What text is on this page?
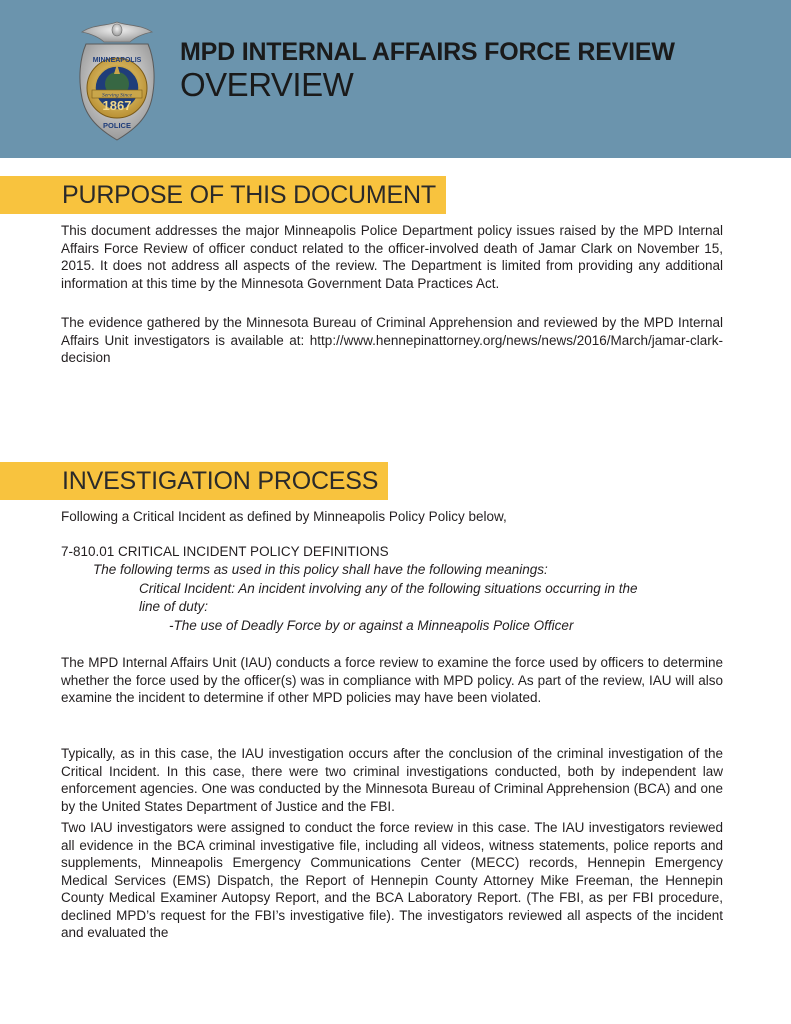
MINNEAPOLIS
Serving Since
1867
POLICE
MPD INTERNAL AFFAIRS FORCE REVIEW
OVERVIEW
PURPOSE OF THIS DOCUMENT

This document addresses the major Minneapolis Police Department policy issues raised by the MPD Internal Affairs Force Review of officer conduct related to the officer-involved death of Jamar Clark on November 15, 2015. It does not address all aspects of the review. The Department is limited from providing any additional information at this time by the Minnesota Government Data Practices Act.

The evidence gathered by the Minnesota Bureau of Criminal Apprehension and reviewed by the MPD Internal Affairs Unit investigators is available at: http://www.hennepinattorney.org/news/news/2016/March/jamar-clark-decision

INVESTIGATION PROCESS

Following a Critical Incident as defined by Minneapolis Policy Policy below,

7-810.01 CRITICAL INCIDENT POLICY DEFINITIONS

The following terms as used in this policy shall have the following meanings:

Critical Incident: An incident involving any of the following situations occurring in the

line of duty:

-The use of Deadly Force by or against a Minneapolis Police Officer

The MPD Internal Affairs Unit (IAU) conducts a force review to examine the force used by officers to determine whether the force used by the officer(s) was in compliance with MPD policy. As part of the review, IAU will also examine the incident to determine if other MPD policies may have been violated.

Typically, as in this case, the IAU investigation occurs after the conclusion of the criminal investigation of the Critical Incident. In this case, there were two criminal investigations conducted, both by independent law enforcement agencies. One was conducted by the Minnesota Bureau of Criminal Apprehension (BCA) and one by the United States Department of Justice and the FBI.

Two IAU investigators were assigned to conduct the force review in this case. The IAU investigators reviewed all evidence in the BCA criminal investigative file, including all videos, witness statements, police reports and supplements, Minneapolis Emergency Communications Center (MECC) records, Hennepin Emergency Medical Services (EMS) Dispatch, the Report of Hennepin County Attorney Mike Freeman, the Hennepin County Medical Examiner Autopsy Report, and the BCA Laboratory Report. (The FBI, as per FBI procedure, declined MPD’s request for the FBI’s investigative file). The investigators reviewed all aspects of the incident and evaluated the
